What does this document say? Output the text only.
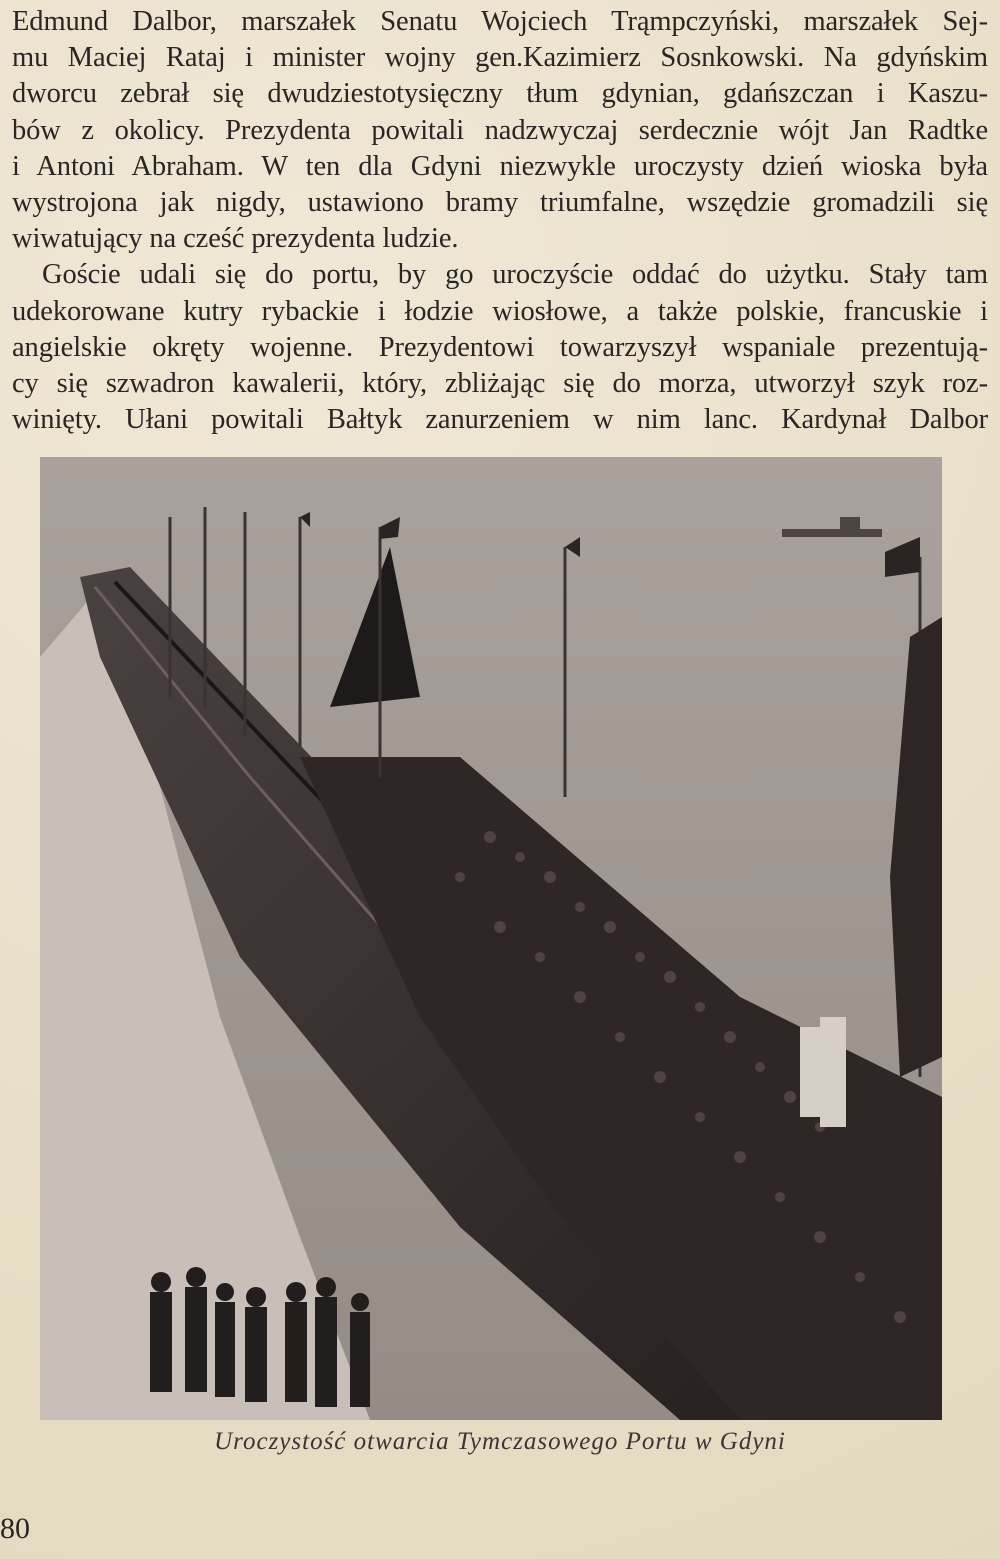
Edmund Dalbor, marszałek Senatu Wojciech Trąmpczyński, marszałek Sej-
mu Maciej Rataj i minister wojny gen.Kazimierz Sosnkowski. Na gdyńskim
dworcu zebrał się dwudziestotysięczny tłum gdynian, gdańszczan i Kaszu-
bów z okolicy. Prezydenta powitali nadzwyczaj serdecznie wójt Jan Radtke
i Antoni Abraham. W ten dla Gdyni niezwykle uroczysty dzień wioska była
wystrojona jak nigdy, ustawiono bramy triumfalne, wszędzie gromadzili się
wiwatujący na cześć prezydenta ludzie.

Goście udali się do portu, by go uroczyście oddać do użytku. Stały tam
udekorowane kutry rybackie i łodzie wiosłowe, a także polskie, francuskie i
angielskie okręty wojenne. Prezydentowi towarzyszył wspaniale prezentują-
cy się szwadron kawalerii, który, zbliżając się do morza, utworzył szyk roz-
winięty. Ułani powitali Bałtyk zanurzeniem w nim lanc. Kardynał Dalbor

Uroczystość otwarcia Tymczasowego Portu w Gdyni
80
